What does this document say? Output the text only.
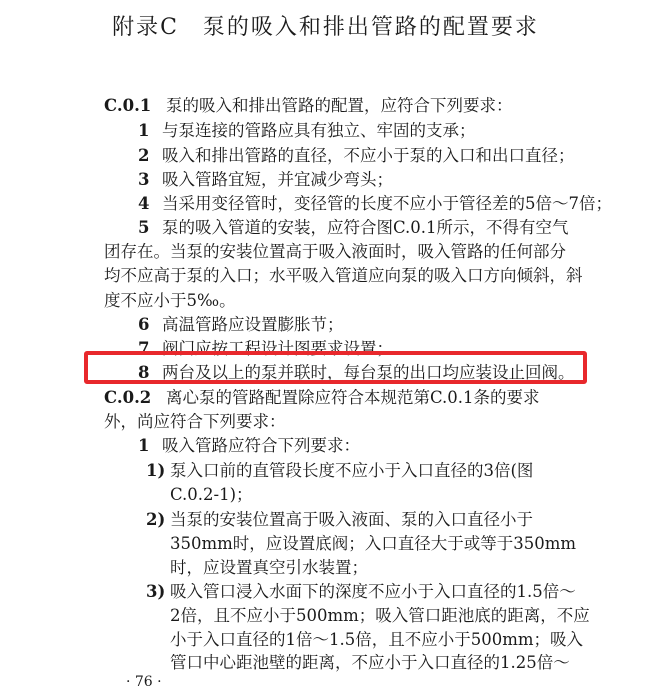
附录C　泵的吸入和排出管路的配置要求
C.0.1 泵的吸入和排出管路的配置，应符合下列要求：
1 与泵连接的管路应具有独立、牢固的支承；
2 吸入和排出管路的直径，不应小于泵的入口和出口直径；
3 吸入管路宜短，并宜减少弯头；
4 当采用变径管时，变径管的长度不应小于管径差的5倍～7倍；
5 泵的吸入管道的安装，应符合图C.0.1所示，不得有空气
团存在。当泵的安装位置高于吸入液面时，吸入管路的任何部分
均不应高于泵的入口；水平吸入管道应向泵的吸入口方向倾斜，斜
度不应小于5‰。
6 高温管路应设置膨胀节；
7 阀门应按工程设计图要求设置；
8 两台及以上的泵并联时，每台泵的出口均应装设止回阀。
C.0.2 离心泵的管路配置除应符合本规范第C.0.1条的要求
外，尚应符合下列要求：
1 吸入管路应符合下列要求：
1) 泵入口前的直管段长度不应小于入口直径的3倍(图
C.0.2-1)；
2) 当泵的安装位置高于吸入液面、泵的入口直径小于
350mm时，应设置底阀；入口直径大于或等于350mm
时，应设置真空引水装置；
3) 吸入管口浸入水面下的深度不应小于入口直径的1.5倍～
2倍，且不应小于500mm；吸入管口距池底的距离，不应
小于入口直径的1倍～1.5倍，且不应小于500mm；吸入
管口中心距池壁的距离，不应小于入口直径的1.25倍～
· 76 ·
